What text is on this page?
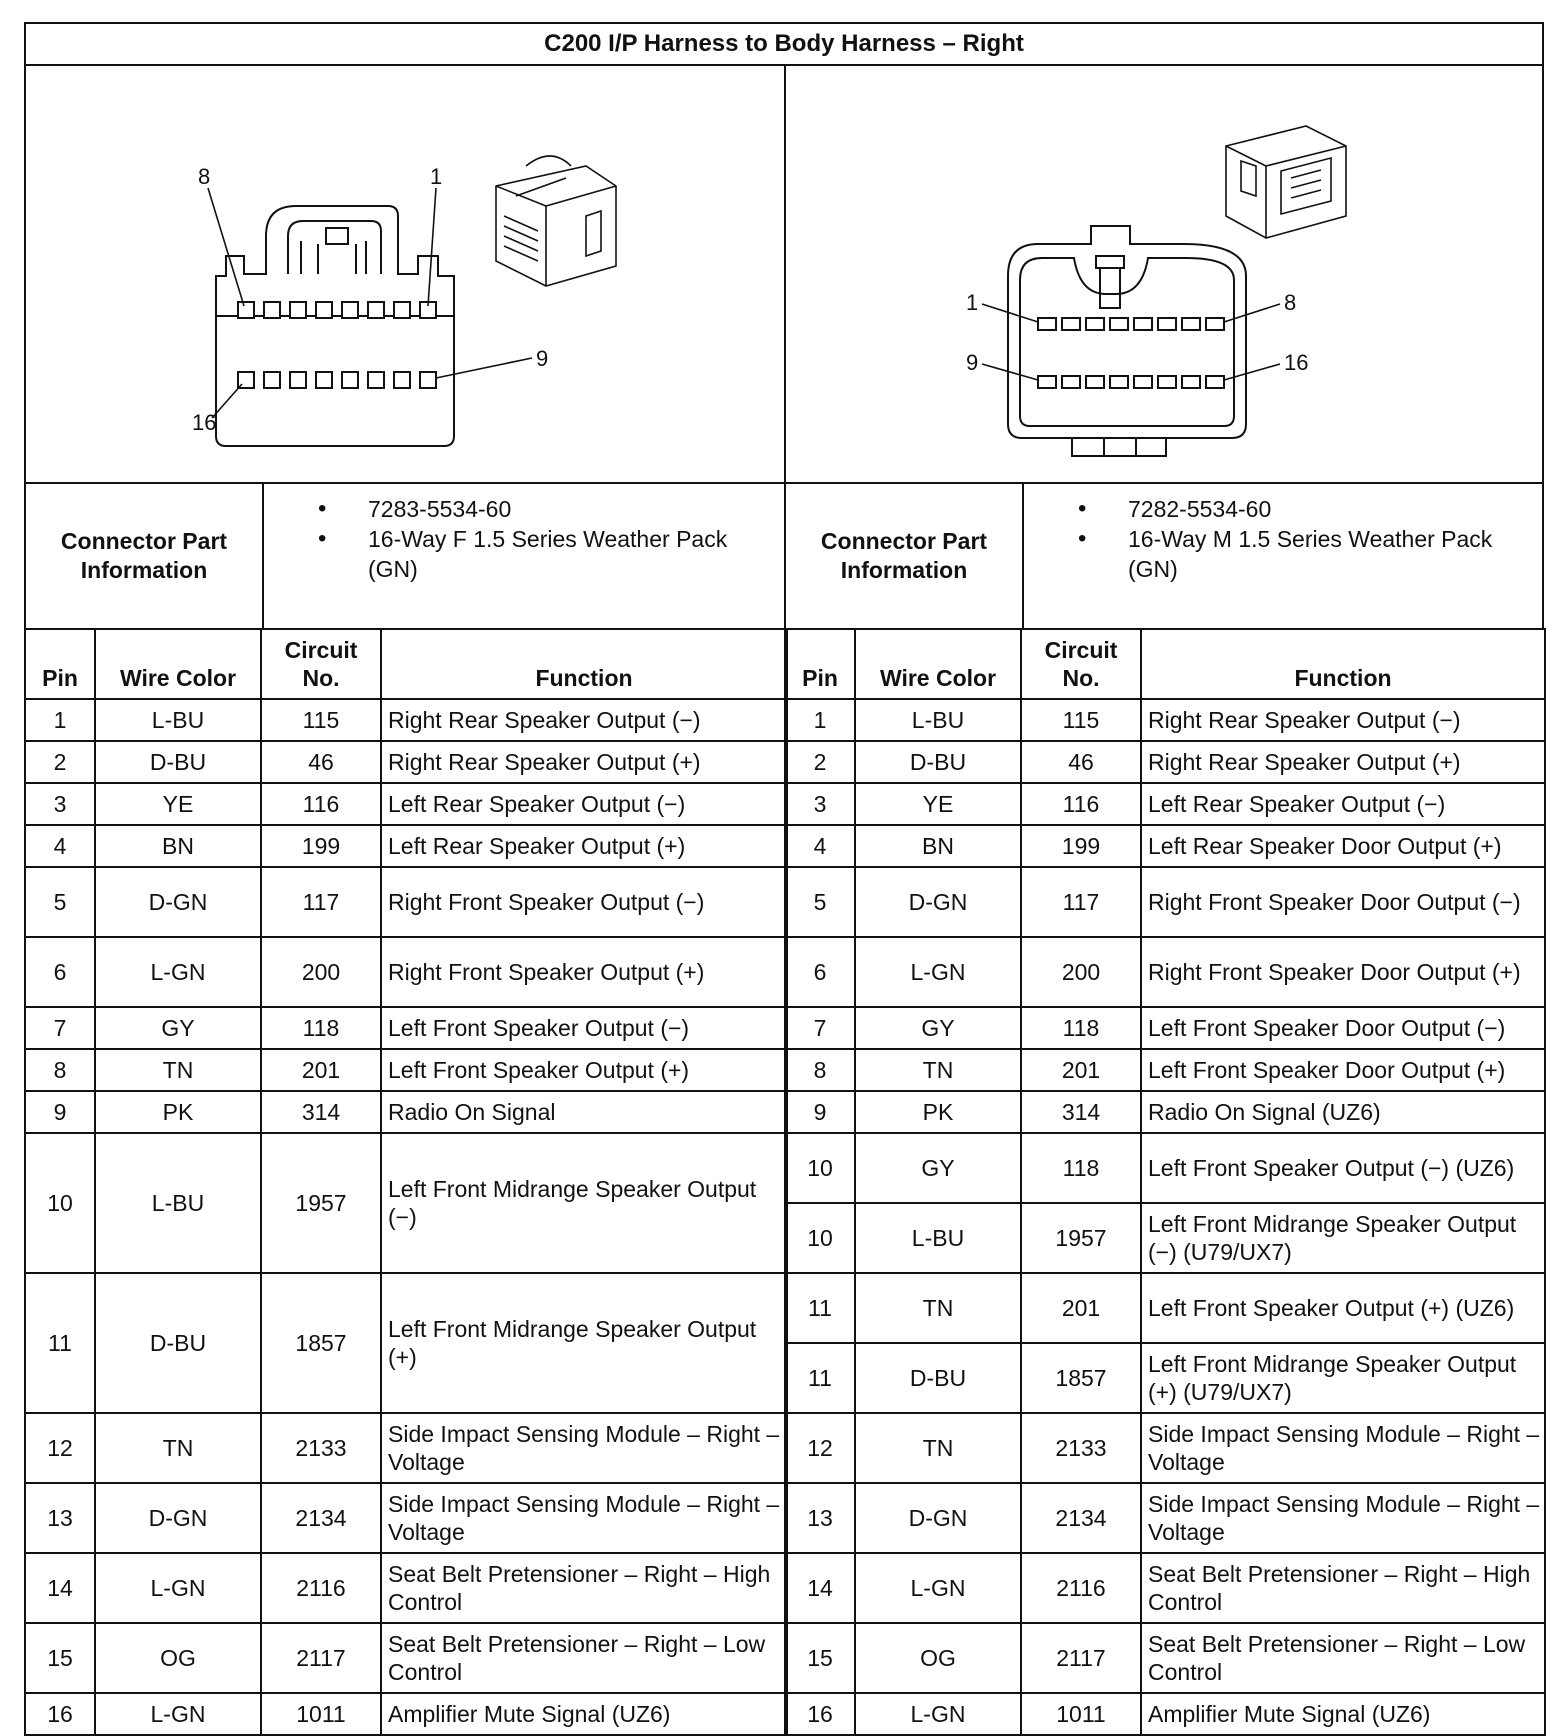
C200 I/P Harness to Body Harness – Right
8	1
9
16
1	8
9	16
Connector Part Information
• 7283-5534-60
• 16-Way F 1.5 Series Weather Pack (GN)
Connector Part Information
• 7282-5534-60
• 16-Way M 1.5 Series Weather Pack (GN)
Pin	Wire Color	Circuit No.	Function
1	L-BU	115	Right Rear Speaker Output (−)
2	D-BU	46	Right Rear Speaker Output (+)
3	YE	116	Left Rear Speaker Output (−)
4	BN	199	Left Rear Speaker Output (+)
5	D-GN	117	Right Front Speaker Output (−)
6	L-GN	200	Right Front Speaker Output (+)
7	GY	118	Left Front Speaker Output (−)
8	TN	201	Left Front Speaker Output (+)
9	PK	314	Radio On Signal
10	L-BU	1957	Left Front Midrange Speaker Output (−)
11	D-BU	1857	Left Front Midrange Speaker Output (+)
12	TN	2133	Side Impact Sensing Module – Right – Voltage
13	D-GN	2134	Side Impact Sensing Module – Right – Voltage
14	L-GN	2116	Seat Belt Pretensioner – Right – High Control
15	OG	2117	Seat Belt Pretensioner – Right – Low Control
16	L-GN	1011	Amplifier Mute Signal (UZ6)
Pin	Wire Color	Circuit No.	Function
1	L-BU	115	Right Rear Speaker Output (−)
2	D-BU	46	Right Rear Speaker Output (+)
3	YE	116	Left Rear Speaker Output (−)
4	BN	199	Left Rear Speaker Door Output (+)
5	D-GN	117	Right Front Speaker Door Output (−)
6	L-GN	200	Right Front Speaker Door Output (+)
7	GY	118	Left Front Speaker Door Output (−)
8	TN	201	Left Front Speaker Door Output (+)
9	PK	314	Radio On Signal (UZ6)
10	GY	118	Left Front Speaker Output (−) (UZ6)
10	L-BU	1957	Left Front Midrange Speaker Output (−) (U79/UX7)
11	TN	201	Left Front Speaker Output (+) (UZ6)
11	D-BU	1857	Left Front Midrange Speaker Output (+) (U79/UX7)
12	TN	2133	Side Impact Sensing Module – Right – Voltage
13	D-GN	2134	Side Impact Sensing Module – Right – Voltage
14	L-GN	2116	Seat Belt Pretensioner – Right – High Control
15	OG	2117	Seat Belt Pretensioner – Right – Low Control
16	L-GN	1011	Amplifier Mute Signal (UZ6)
